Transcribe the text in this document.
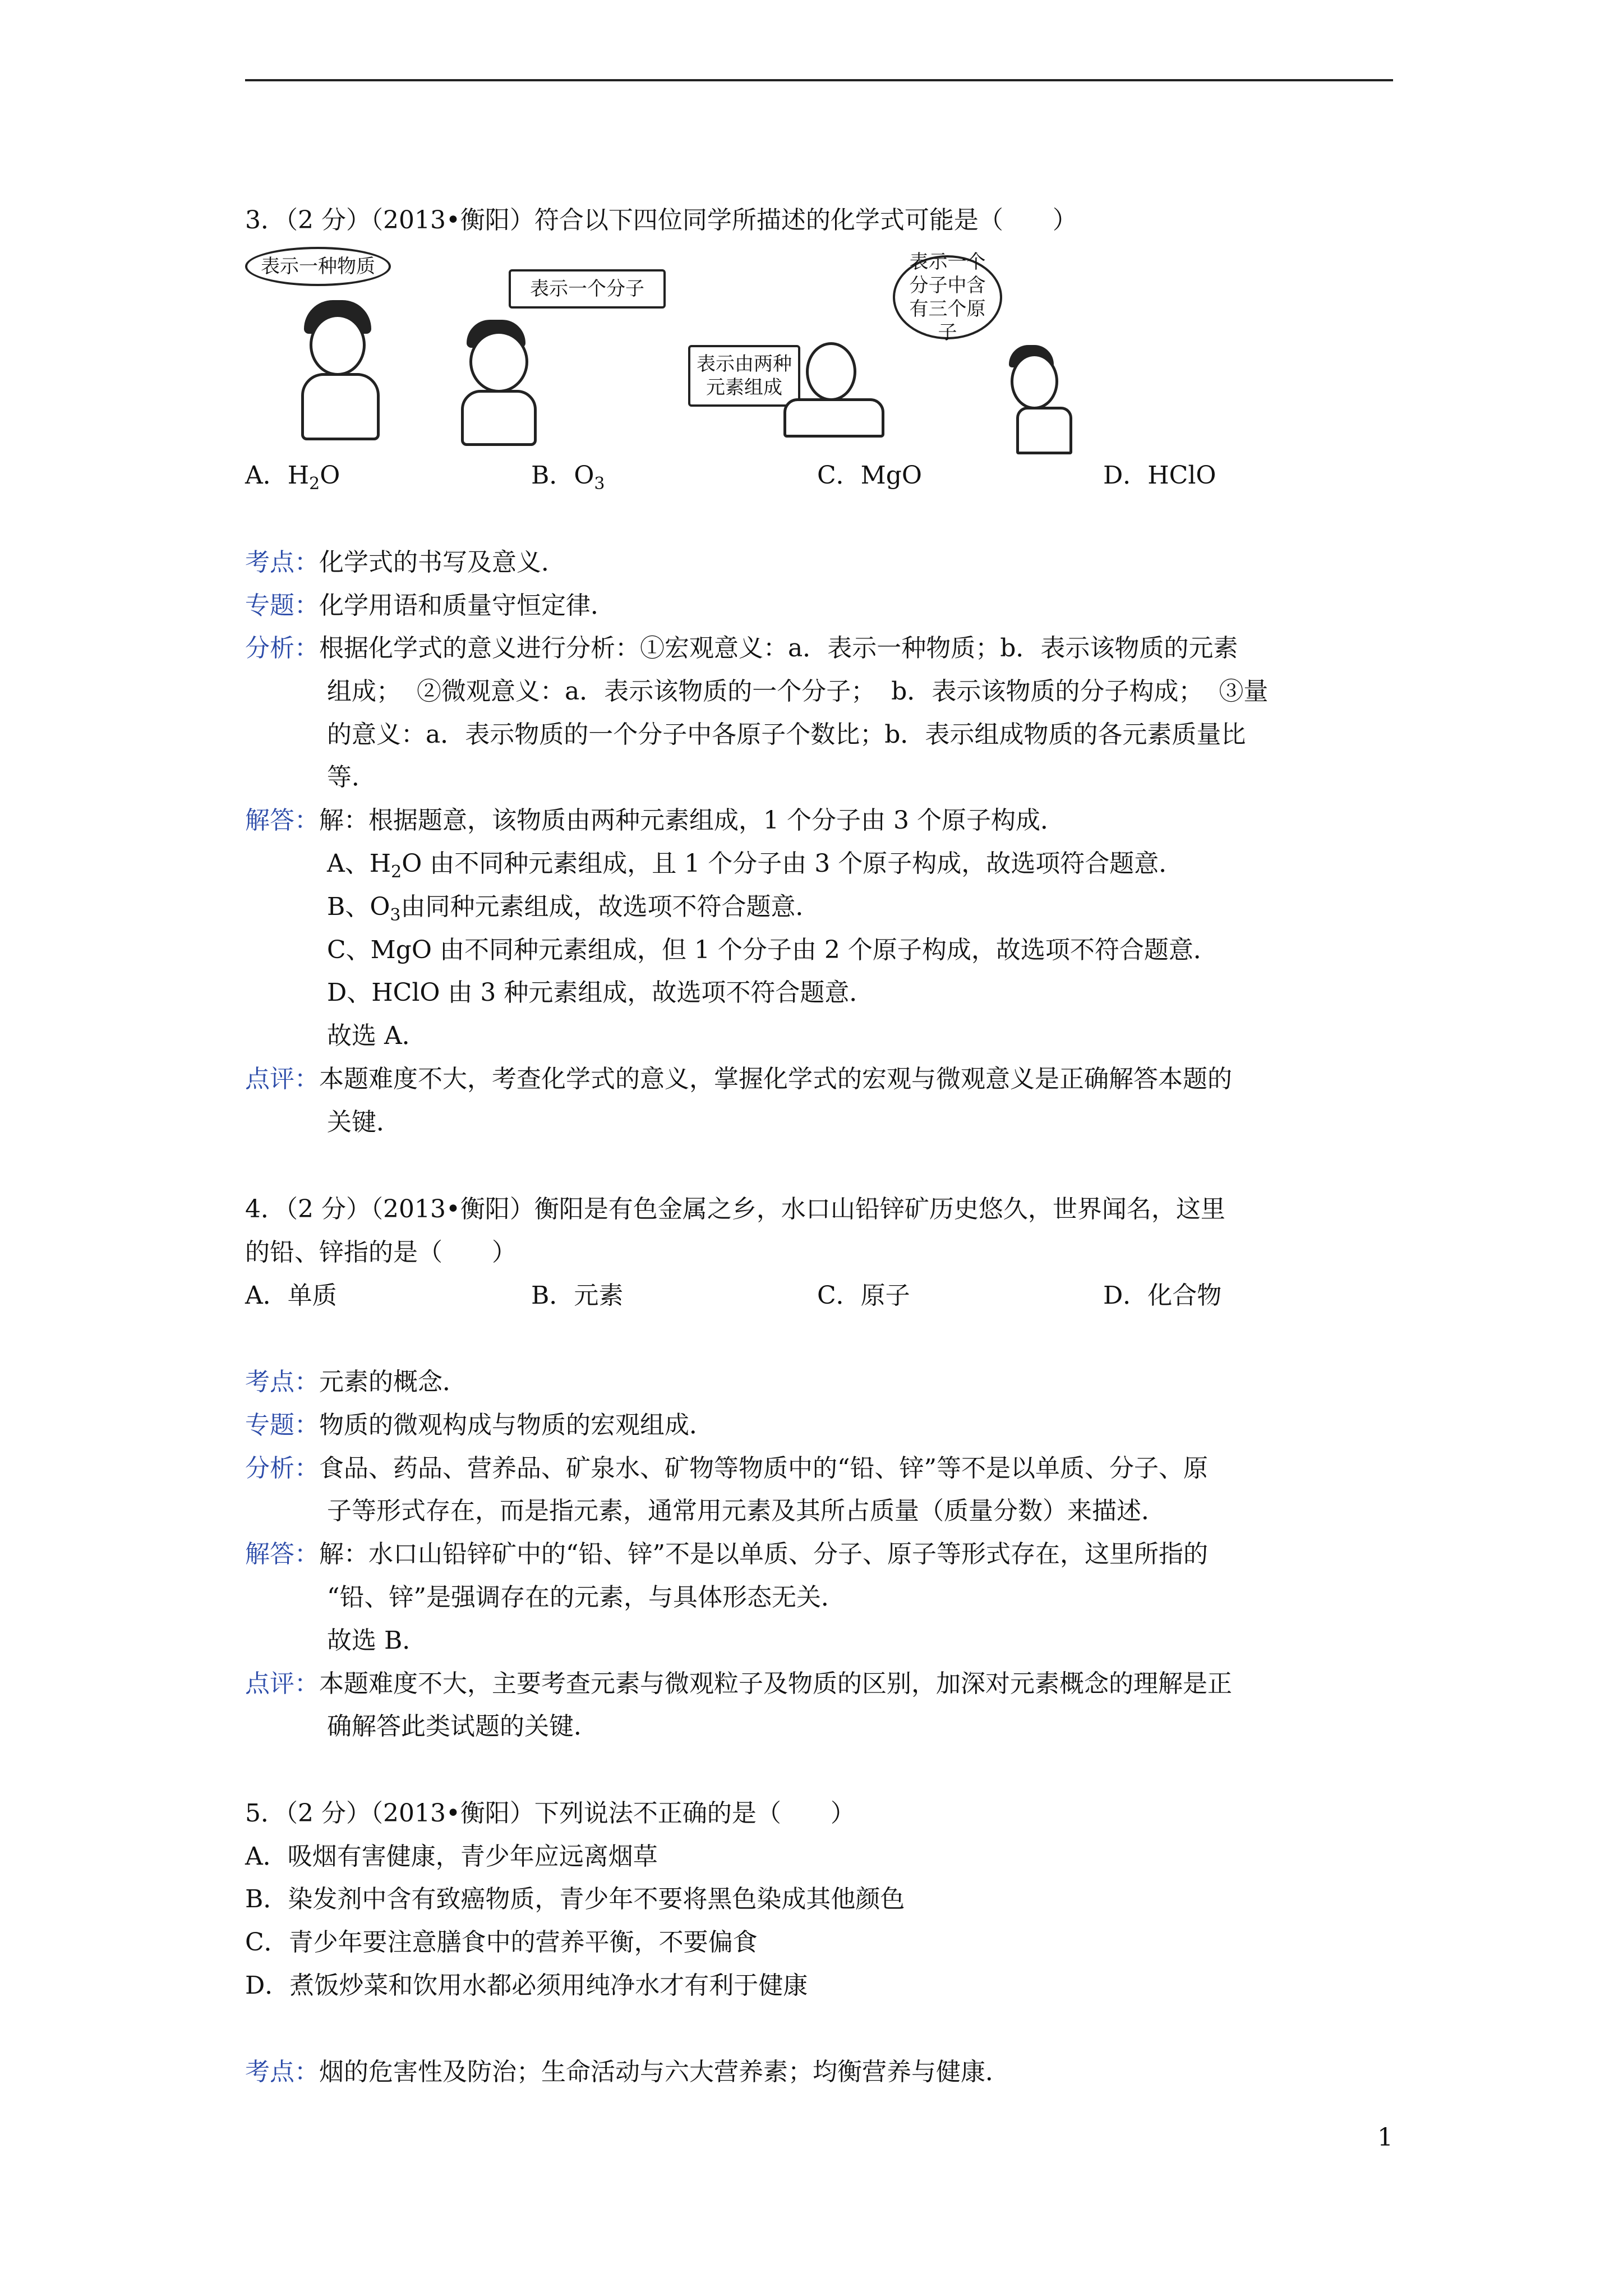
3．（2 分）（2013•衡阳）符合以下四位同学所描述的化学式可能是（　　）
表示一种物质
表示一个分子
表示由两种元素组成
表示一个分子中含有三个原子
A．$H_2O$	B．$O_3$	C．MgO	D．HClO
考点：化学式的书写及意义．
专题：化学用语和质量守恒定律．
分析：根据化学式的意义进行分析：①宏观意义：a．表示一种物质；b．表示该物质的元素
组成；  ②微观意义：a．表示该物质的一个分子；  b．表示该物质的分子构成；  ③量
的意义：a．表示物质的一个分子中各原子个数比；b．表示组成物质的各元素质量比
等．
解答：解：根据题意，该物质由两种元素组成，1 个分子由 3 个原子构成．
A、$H_2O$ 由不同种元素组成，且 1 个分子由 3 个原子构成，故选项符合题意．
B、$O_3$由同种元素组成，故选项不符合题意．
C、MgO 由不同种元素组成，但 1 个分子由 2 个原子构成，故选项不符合题意．
D、HClO 由 3 种元素组成，故选项不符合题意．
故选 A．
点评：本题难度不大，考查化学式的意义，掌握化学式的宏观与微观意义是正确解答本题的
关键．
4．（2 分）（2013•衡阳）衡阳是有色金属之乡，水口山铅锌矿历史悠久，世界闻名，这里
的铅、锌指的是（　　）
A．单质	B．元素	C．原子	D．化合物
考点：元素的概念．
专题：物质的微观构成与物质的宏观组成．
分析：食品、药品、营养品、矿泉水、矿物等物质中的“铅、锌”等不是以单质、分子、原
子等形式存在，而是指元素，通常用元素及其所占质量（质量分数）来描述．
解答：解：水口山铅锌矿中的“铅、锌”不是以单质、分子、原子等形式存在，这里所指的
“铅、锌”是强调存在的元素，与具体形态无关．
故选 B．
点评：本题难度不大，主要考查元素与微观粒子及物质的区别，加深对元素概念的理解是正
确解答此类试题的关键．
5．（2 分）（2013•衡阳）下列说法不正确的是（　　）
A．吸烟有害健康，青少年应远离烟草
B．染发剂中含有致癌物质，青少年不要将黑色染成其他颜色
C．青少年要注意膳食中的营养平衡，不要偏食
D．煮饭炒菜和饮用水都必须用纯净水才有利于健康
考点：烟的危害性及防治；生命活动与六大营养素；均衡营养与健康．
1
